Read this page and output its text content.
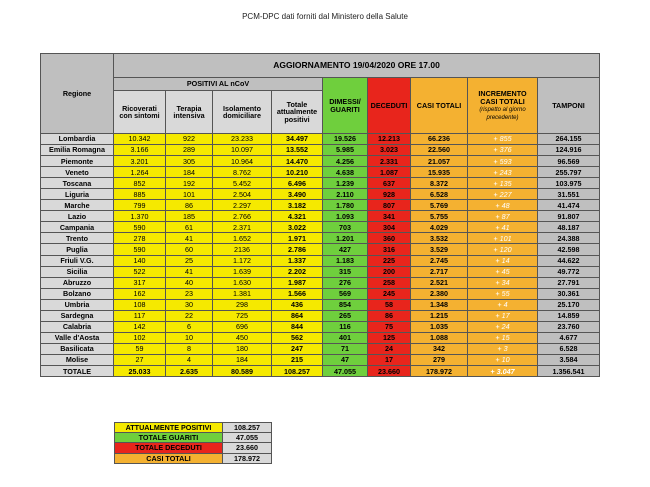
PCM-DPC dati forniti dal Ministero della Salute
Regione	AGGIORNAMENTO 19/04/2020 ORE 17.00								
	POSITIVI AL nCoV				DIMESSI/ GUARITI	DECEDUTI	CASI TOTALI	INCREMENTO CASI TOTALI
(rispetto al giorno precedente)	TAMPONI
	Ricoverati con sintomi	Terapia intensiva	Isolamento domiciliare	Totale attualmente positivi					
Lombardia	10.342	922	23.233	34.497	19.526	12.213	66.236	+ 855	264.155
Emilia Romagna	3.166	289	10.097	13.552	5.985	3.023	22.560	+ 376	124.916
Piemonte	3.201	305	10.964	14.470	4.256	2.331	21.057	+ 593	96.569
Veneto	1.264	184	8.762	10.210	4.638	1.087	15.935	+ 243	255.797
Toscana	852	192	5.452	6.496	1.239	637	8.372	+ 135	103.975
Liguria	885	101	2.504	3.490	2.110	928	6.528	+ 227	31.551
Marche	799	86	2.297	3.182	1.780	807	5.769	+ 48	41.474
Lazio	1.370	185	2.766	4.321	1.093	341	5.755	+ 87	91.807
Campania	590	61	2.371	3.022	703	304	4.029	+ 41	48.187
Trento	278	41	1.652	1.971	1.201	360	3.532	+ 101	24.388
Puglia	590	60	2136	2.786	427	316	3.529	+ 120	42.598
Friuli V.G.	140	25	1.172	1.337	1.183	225	2.745	+ 14	44.622
Sicilia	522	41	1.639	2.202	315	200	2.717	+ 45	49.772
Abruzzo	317	40	1.630	1.987	276	258	2.521	+ 34	27.791
Bolzano	162	23	1.381	1.566	569	245	2.380	+ 55	30.361
Umbria	108	30	298	436	854	58	1.348	+ 4	25.170
Sardegna	117	22	725	864	265	86	1.215	+ 17	14.859
Calabria	142	6	696	844	116	75	1.035	+ 24	23.760
Valle d'Aosta	102	10	450	562	401	125	1.088	+ 15	4.677
Basilicata	59	8	180	247	71	24	342	+ 3	6.528
Molise	27	4	184	215	47	17	279	+ 10	3.584
TOTALE	25.033	2.635	80.589	108.257	47.055	23.660	178.972	+ 3.047	1.356.541
ATTUALMENTE POSITIVI	108.257
TOTALE GUARITI	47.055
TOTALE DECEDUTI	23.660
CASI TOTALI	178.972
